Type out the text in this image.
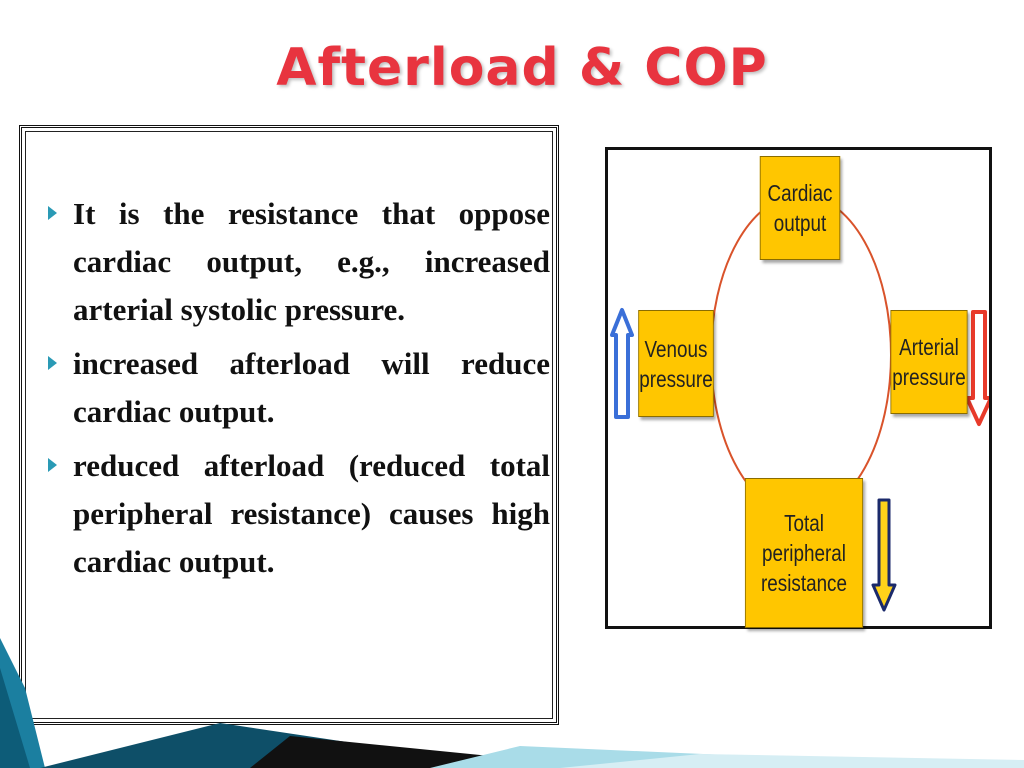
Afterload & COP
It is the resistance that oppose cardiac output, e.g., increased arterial systolic pressure.
increased afterload will reduce cardiac output.
reduced afterload (reduced total peripheral resistance) causes high cardiac output.
Cardiac
output
Venous
pressure
Arterial
pressure
Total
peripheral
resistance
